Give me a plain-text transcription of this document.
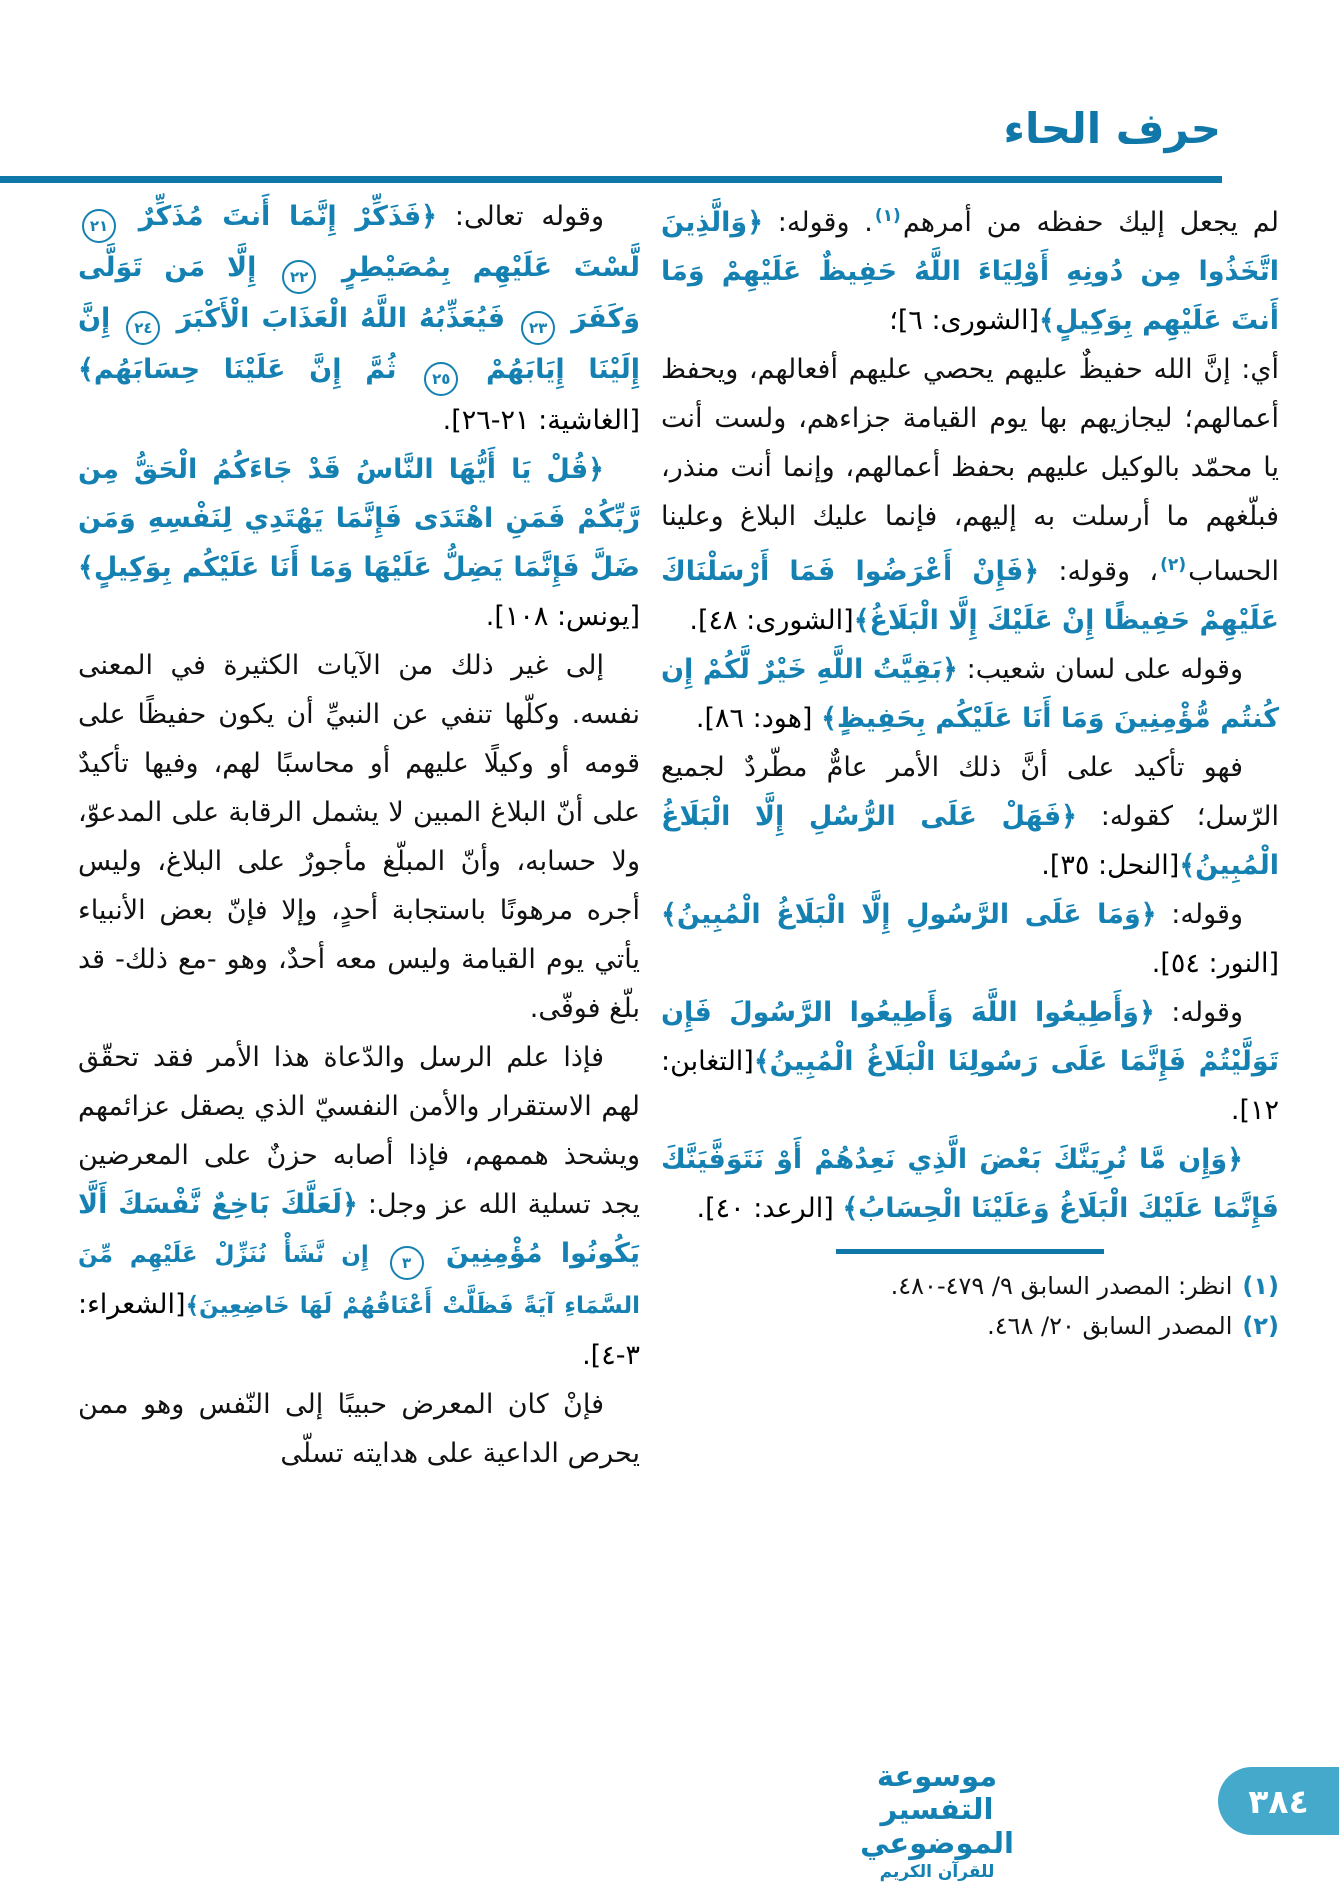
حرف الحاء

لم يجعل إليك حفظه من أمرهم$^{(١)}$. وقوله: ﴿وَالَّذِينَ اتَّخَذُوا مِن دُونِهِ أَوْلِيَاءَ اللَّهُ حَفِيظٌ عَلَيْهِمْ وَمَا أَنتَ عَلَيْهِم بِوَكِيلٍ﴾[الشورى: ٦]؛

أي: إنَّ الله حفيظٌ عليهم يحصي عليهم أفعالهم، ويحفظ أعمالهم؛ ليجازيهم بها يوم القيامة جزاءهم، ولست أنت يا محمّد بالوكيل عليهم بحفظ أعمالهم، وإنما أنت منذر، فبلّغهم ما أرسلت به إليهم، فإنما عليك البلاغ وعلينا الحساب$^{(٢)}$، وقوله: ﴿فَإِنْ أَعْرَضُوا فَمَا أَرْسَلْنَاكَ عَلَيْهِمْ حَفِيظًا إِنْ عَلَيْكَ إِلَّا الْبَلَاغُ﴾[الشورى: ٤٨].

وقوله على لسان شعيب: ﴿بَقِيَّتُ اللَّهِ خَيْرٌ لَّكُمْ إِن كُنتُم مُّؤْمِنِينَ وَمَا أَنَا عَلَيْكُم بِحَفِيظٍ﴾ [هود: ٨٦].

فهو تأكيد على أنَّ ذلك الأمر عامٌّ مطّردٌ لجميع الرّسل؛ كقوله: ﴿فَهَلْ عَلَى الرُّسُلِ إِلَّا الْبَلَاغُ الْمُبِينُ﴾[النحل: ٣٥].

وقوله: ﴿وَمَا عَلَى الرَّسُولِ إِلَّا الْبَلَاغُ الْمُبِينُ﴾[النور: ٥٤].

وقوله: ﴿وَأَطِيعُوا اللَّهَ وَأَطِيعُوا الرَّسُولَ فَإِن تَوَلَّيْتُمْ فَإِنَّمَا عَلَى رَسُولِنَا الْبَلَاغُ الْمُبِينُ﴾[التغابن: ١٢].

﴿وَإِن مَّا نُرِيَنَّكَ بَعْضَ الَّذِي نَعِدُهُمْ أَوْ نَتَوَفَّيَنَّكَ فَإِنَّمَا عَلَيْكَ الْبَلَاغُ وَعَلَيْنَا الْحِسَابُ﴾ [الرعد: ٤٠].

(١)انظر: المصدر السابق ٩/ ٤٧٩-٤٨٠.

(٢)المصدر السابق ٢٠/ ٤٦٨.

وقوله تعالى: ﴿فَذَكِّرْ إِنَّمَا أَنتَ مُذَكِّرٌ ٢١ لَّسْتَ عَلَيْهِم بِمُصَيْطِرٍ ٢٢ إِلَّا مَن تَوَلَّى وَكَفَرَ ٢٣ فَيُعَذِّبُهُ اللَّهُ الْعَذَابَ الْأَكْبَرَ ٢٤ إِنَّ إِلَيْنَا إِيَابَهُمْ ٢٥ ثُمَّ إِنَّ عَلَيْنَا حِسَابَهُم﴾[الغاشية: ٢١-٢٦].

﴿قُلْ يَا أَيُّهَا النَّاسُ قَدْ جَاءَكُمُ الْحَقُّ مِن رَّبِّكُمْ فَمَنِ اهْتَدَى فَإِنَّمَا يَهْتَدِي لِنَفْسِهِ وَمَن ضَلَّ فَإِنَّمَا يَضِلُّ عَلَيْهَا وَمَا أَنَا عَلَيْكُم بِوَكِيلٍ﴾ [يونس: ١٠٨].

إلى غير ذلك من الآيات الكثيرة في المعنى نفسه. وكلّها تنفي عن النبيِّ أن يكون حفيظًا على قومه أو وكيلًا عليهم أو محاسبًا لهم، وفيها تأكيدٌ على أنّ البلاغ المبين لا يشمل الرقابة على المدعوّ، ولا حسابه، وأنّ المبلّغ مأجورٌ على البلاغ، وليس أجره مرهونًا باستجابة أحدٍ، وإلا فإنّ بعض الأنبياء يأتي يوم القيامة وليس معه أحدٌ، وهو -مع ذلك- قد بلّغ فوفّى.

فإذا علم الرسل والدّعاة هذا الأمر فقد تحقّق لهم الاستقرار والأمن النفسيّ الذي يصقل عزائمهم ويشحذ هممهم، فإذا أصابه حزنٌ على المعرضين يجد تسلية الله عز وجل: ﴿لَعَلَّكَ بَاخِعٌ نَّفْسَكَ أَلَّا يَكُونُوا مُؤْمِنِينَ ٣ إِن نَّشَأْ نُنَزِّلْ عَلَيْهِم مِّنَ السَّمَاءِ آيَةً فَظَلَّتْ أَعْنَاقُهُمْ لَهَا خَاضِعِينَ﴾[الشعراء: ٣-٤].

فإنْ كان المعرض حبيبًا إلى النّفس وهو ممن يحرص الداعية على هدايته تسلّى

موسوعة التفسير الموضوعي
للقرآن الكريم
٣٨٤
